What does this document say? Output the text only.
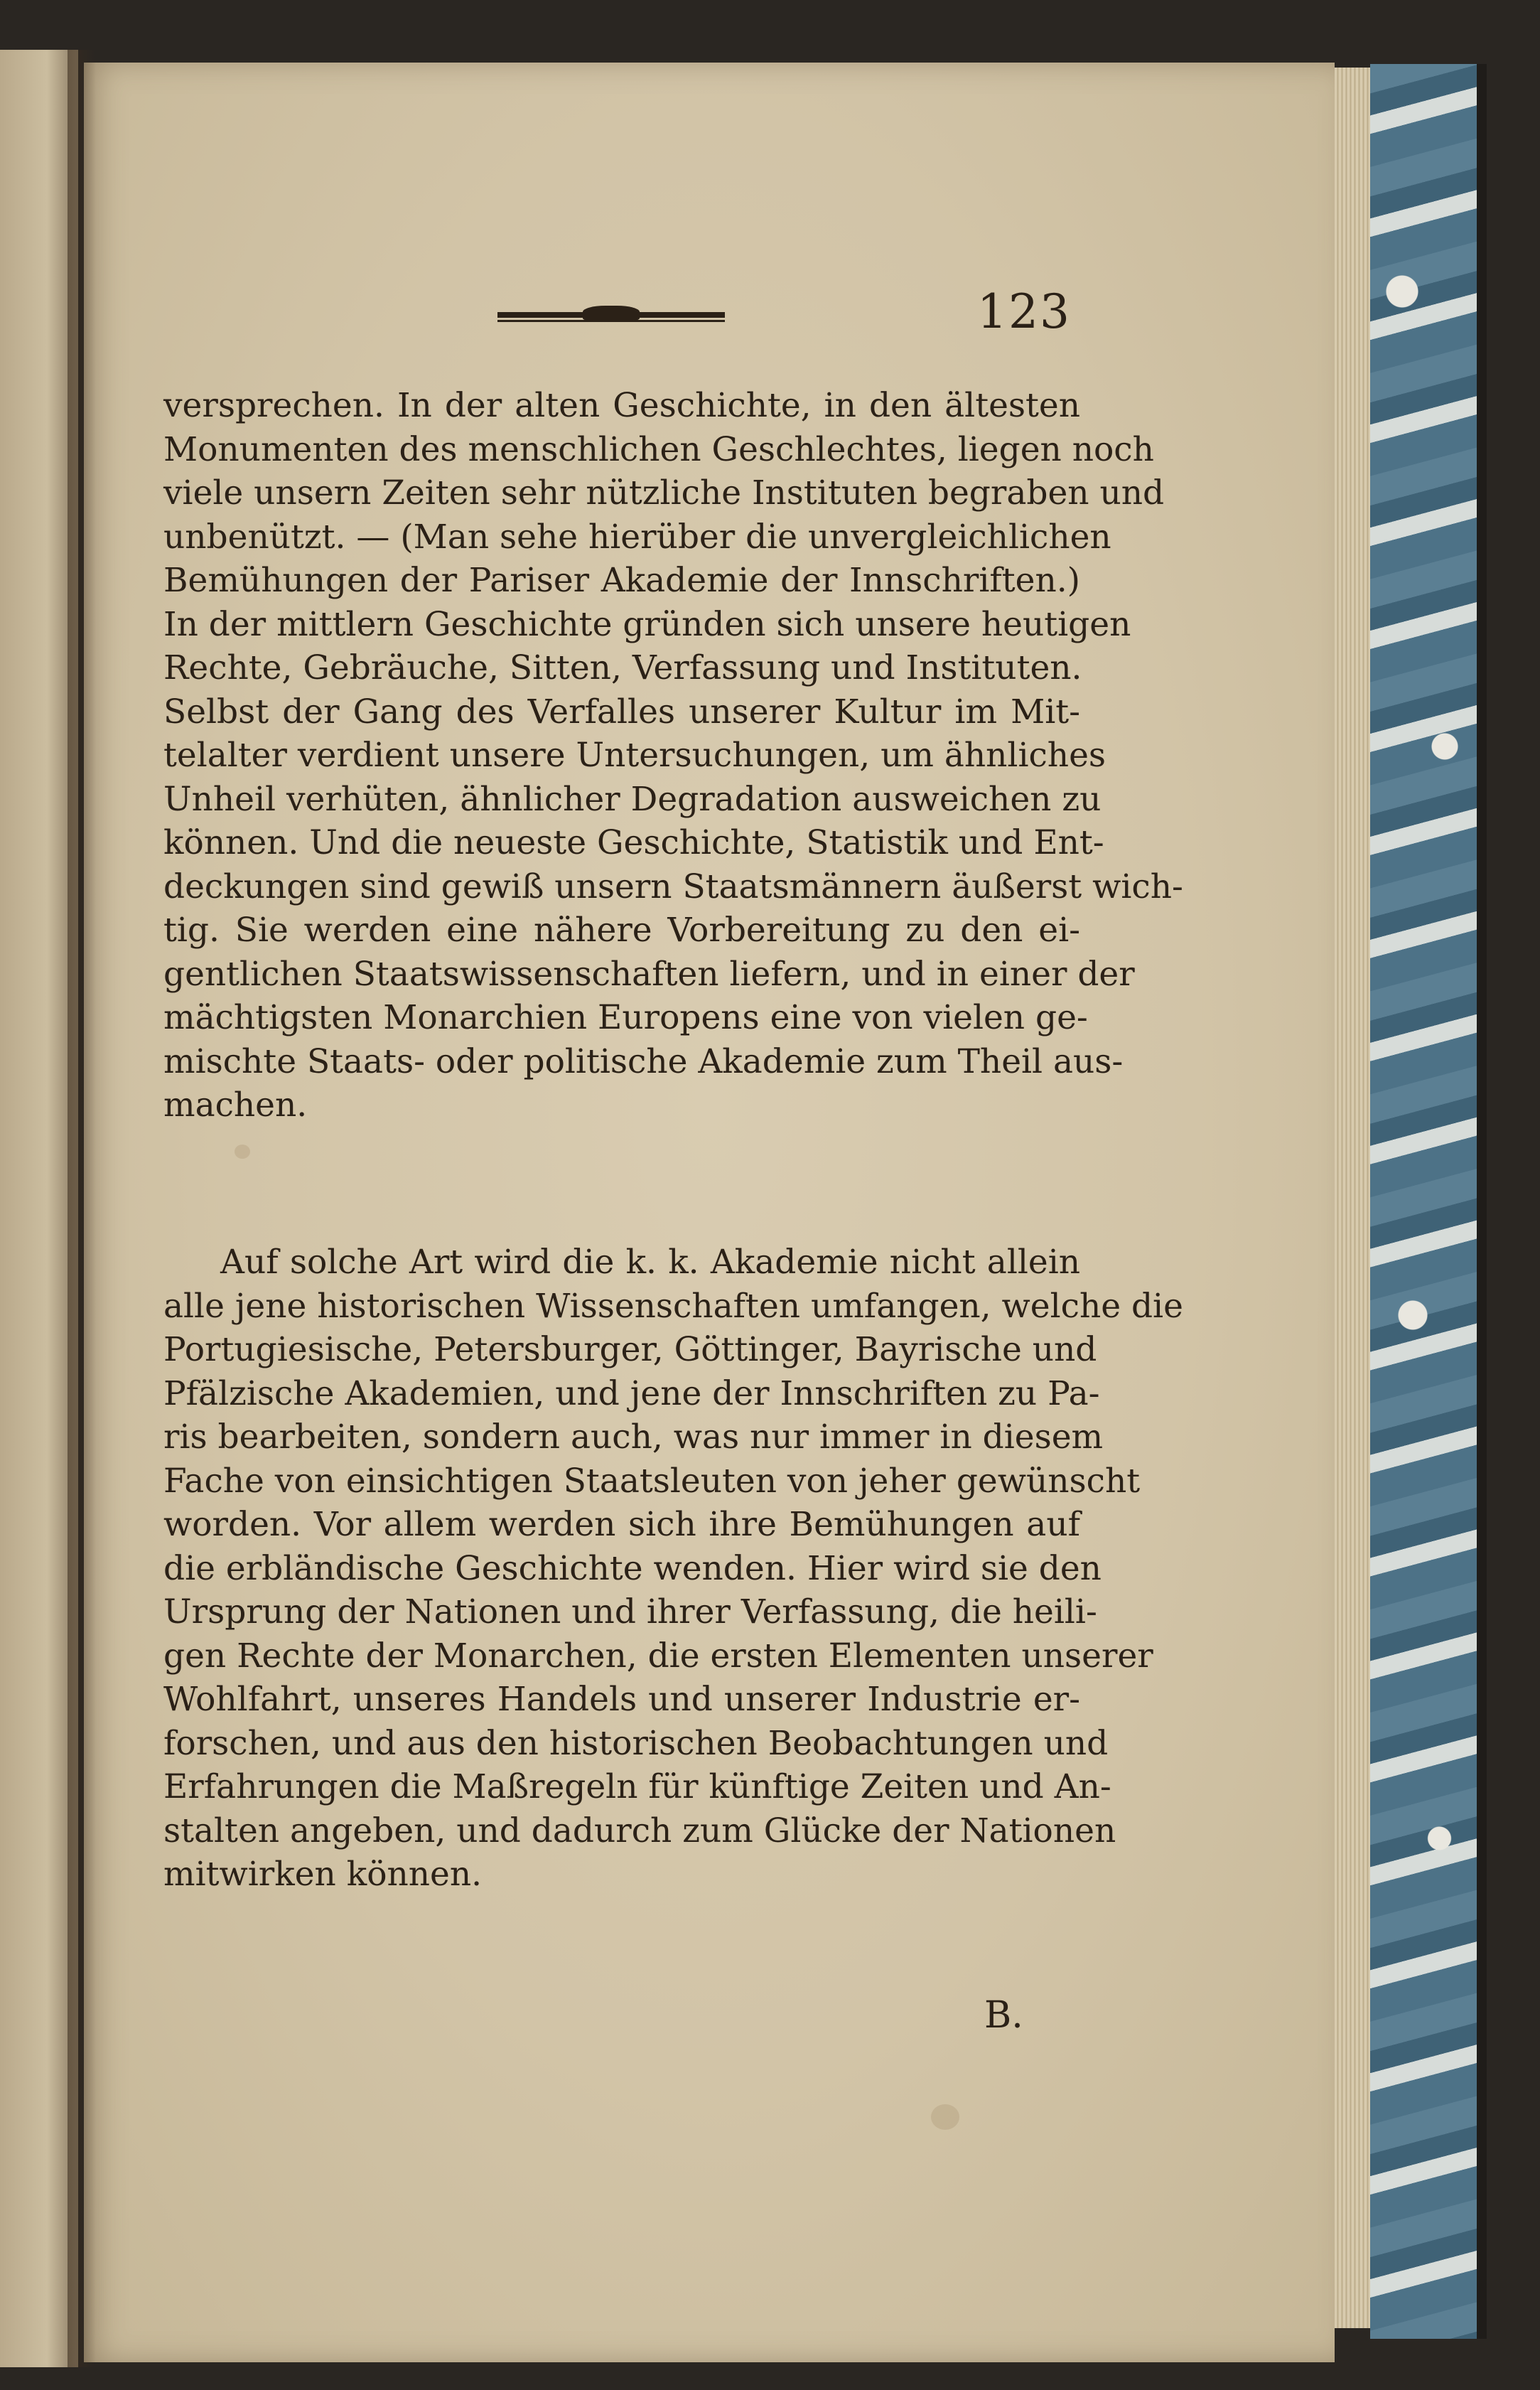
123
versprechen. In der alten Geschichte, in den ältesten
Monumenten des menschlichen Geschlechtes, liegen noch
viele unsern Zeiten sehr nützliche Instituten begraben und
unbenützt. — (Man sehe hierüber die unvergleichlichen
Bemühungen der Pariser Akademie der Innschriften.)
In der mittlern Geschichte gründen sich unsere heutigen
Rechte, Gebräuche, Sitten, Verfassung und Instituten.
Selbst der Gang des Verfalles unserer Kultur im Mit-
telalter verdient unsere Untersuchungen, um ähnliches
Unheil verhüten, ähnlicher Degradation ausweichen zu
können. Und die neueste Geschichte, Statistik und Ent-
deckungen sind gewiß unsern Staatsmännern äußerst wich-
tig. Sie werden eine nähere Vorbereitung zu den ei-
gentlichen Staatswissenschaften liefern, und in einer der
mächtigsten Monarchien Europens eine von vielen ge-
mischte Staats- oder politische Akademie zum Theil aus-
machen.
Auf solche Art wird die k. k. Akademie nicht allein
alle jene historischen Wissenschaften umfangen, welche die
Portugiesische, Petersburger, Göttinger, Bayrische und
Pfälzische Akademien, und jene der Innschriften zu Pa-
ris bearbeiten, sondern auch, was nur immer in diesem
Fache von einsichtigen Staatsleuten von jeher gewünscht
worden. Vor allem werden sich ihre Bemühungen auf
die erbländische Geschichte wenden. Hier wird sie den
Ursprung der Nationen und ihrer Verfassung, die heili-
gen Rechte der Monarchen, die ersten Elementen unserer
Wohlfahrt, unseres Handels und unserer Industrie er-
forschen, und aus den historischen Beobachtungen und
Erfahrungen die Maßregeln für künftige Zeiten und An-
stalten angeben, und dadurch zum Glücke der Nationen
mitwirken können.
B.
